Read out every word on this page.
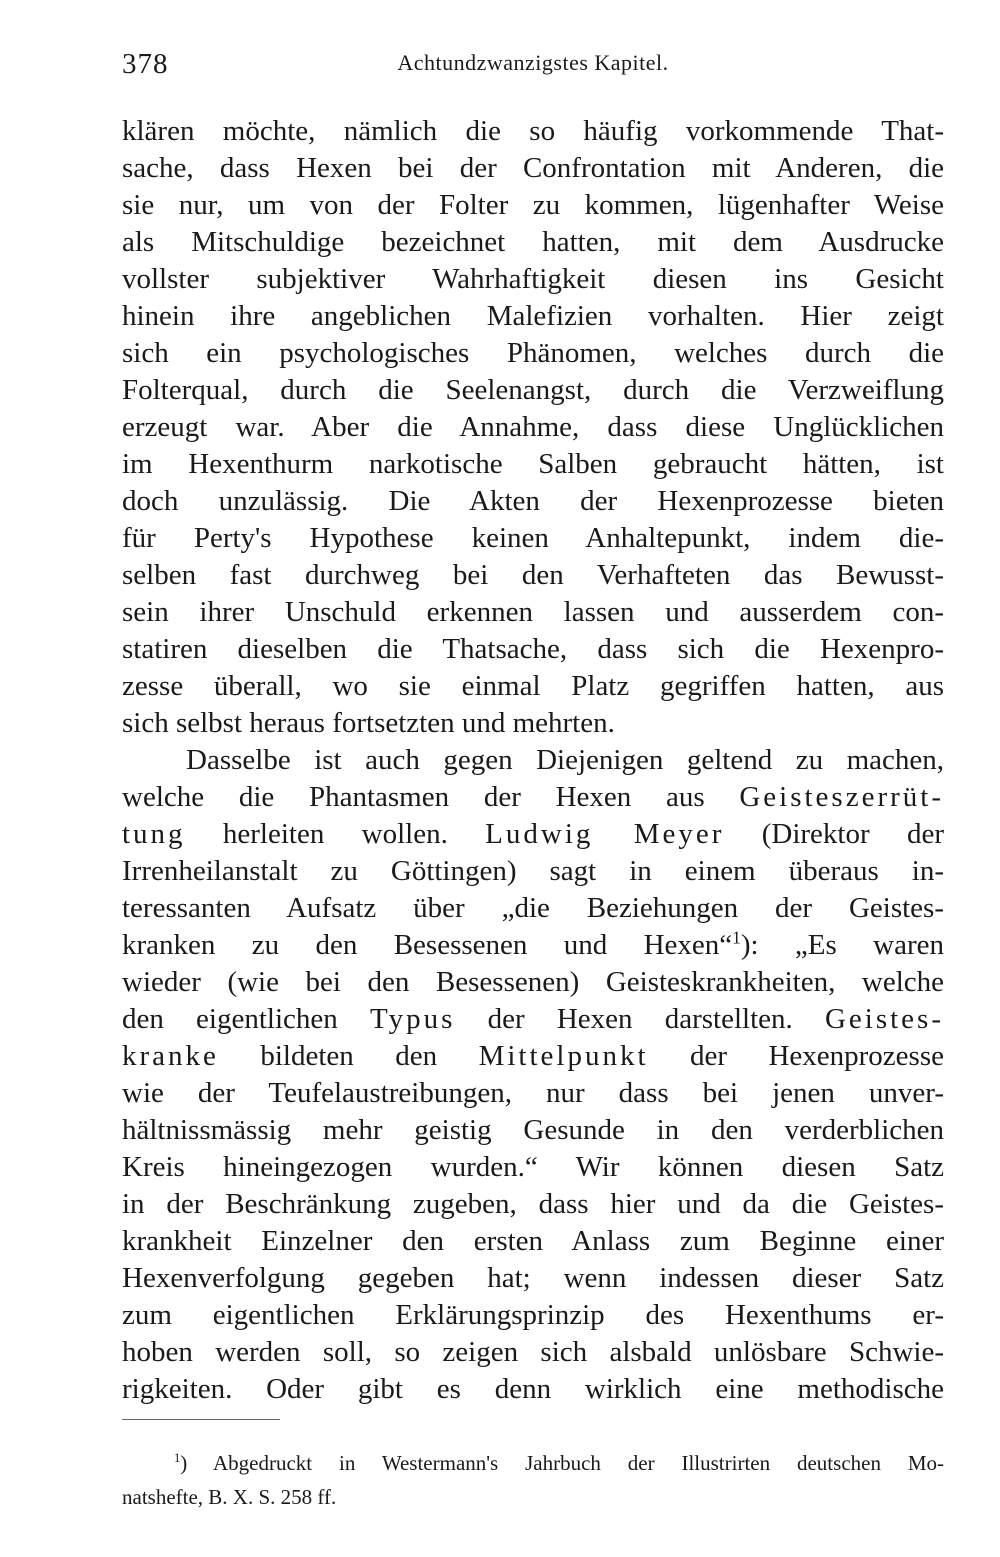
378	Achtundzwanzigstes Kapitel.
klären möchte, nämlich die so häufig vorkommende That-
sache, dass Hexen bei der Confrontation mit Anderen, die
sie nur, um von der Folter zu kommen, lügenhafter Weise
als Mitschuldige bezeichnet hatten, mit dem Ausdrucke
vollster subjektiver Wahrhaftigkeit diesen ins Gesicht
hinein ihre angeblichen Malefizien vorhalten. Hier zeigt
sich ein psychologisches Phänomen, welches durch die
Folterqual, durch die Seelenangst, durch die Verzweiflung
erzeugt war. Aber die Annahme, dass diese Unglücklichen
im Hexenthurm narkotische Salben gebraucht hätten, ist
doch unzulässig. Die Akten der Hexenprozesse bieten
für Perty's Hypothese keinen Anhaltepunkt, indem die-
selben fast durchweg bei den Verhafteten das Bewusst-
sein ihrer Unschuld erkennen lassen und ausserdem con-
statiren dieselben die Thatsache, dass sich die Hexenpro-
zesse überall, wo sie einmal Platz gegriffen hatten, aus
sich selbst heraus fortsetzten und mehrten.
Dasselbe ist auch gegen Diejenigen geltend zu machen,
welche die Phantasmen der Hexen aus Geisteszerrüt-
tung herleiten wollen. Ludwig Meyer (Direktor der
Irrenheilanstalt zu Göttingen) sagt in einem überaus in-
teressanten Aufsatz über „die Beziehungen der Geistes-
kranken zu den Besessenen und Hexen“$^1$): „Es waren
wieder (wie bei den Besessenen) Geisteskrankheiten, welche
den eigentlichen Typus der Hexen darstellten. Geistes-
kranke bildeten den Mittelpunkt der Hexenprozesse
wie der Teufelaustreibungen, nur dass bei jenen unver-
hältnissmässig mehr geistig Gesunde in den verderblichen
Kreis hineingezogen wurden.“ Wir können diesen Satz
in der Beschränkung zugeben, dass hier und da die Geistes-
krankheit Einzelner den ersten Anlass zum Beginne einer
Hexenverfolgung gegeben hat; wenn indessen dieser Satz
zum eigentlichen Erklärungsprinzip des Hexenthums er-
hoben werden soll, so zeigen sich alsbald unlösbare Schwie-
rigkeiten. Oder gibt es denn wirklich eine methodische
$^1$) Abgedruckt in Westermann's Jahrbuch der Illustrirten deutschen Mo-
natshefte, B. X. S. 258 ff.
